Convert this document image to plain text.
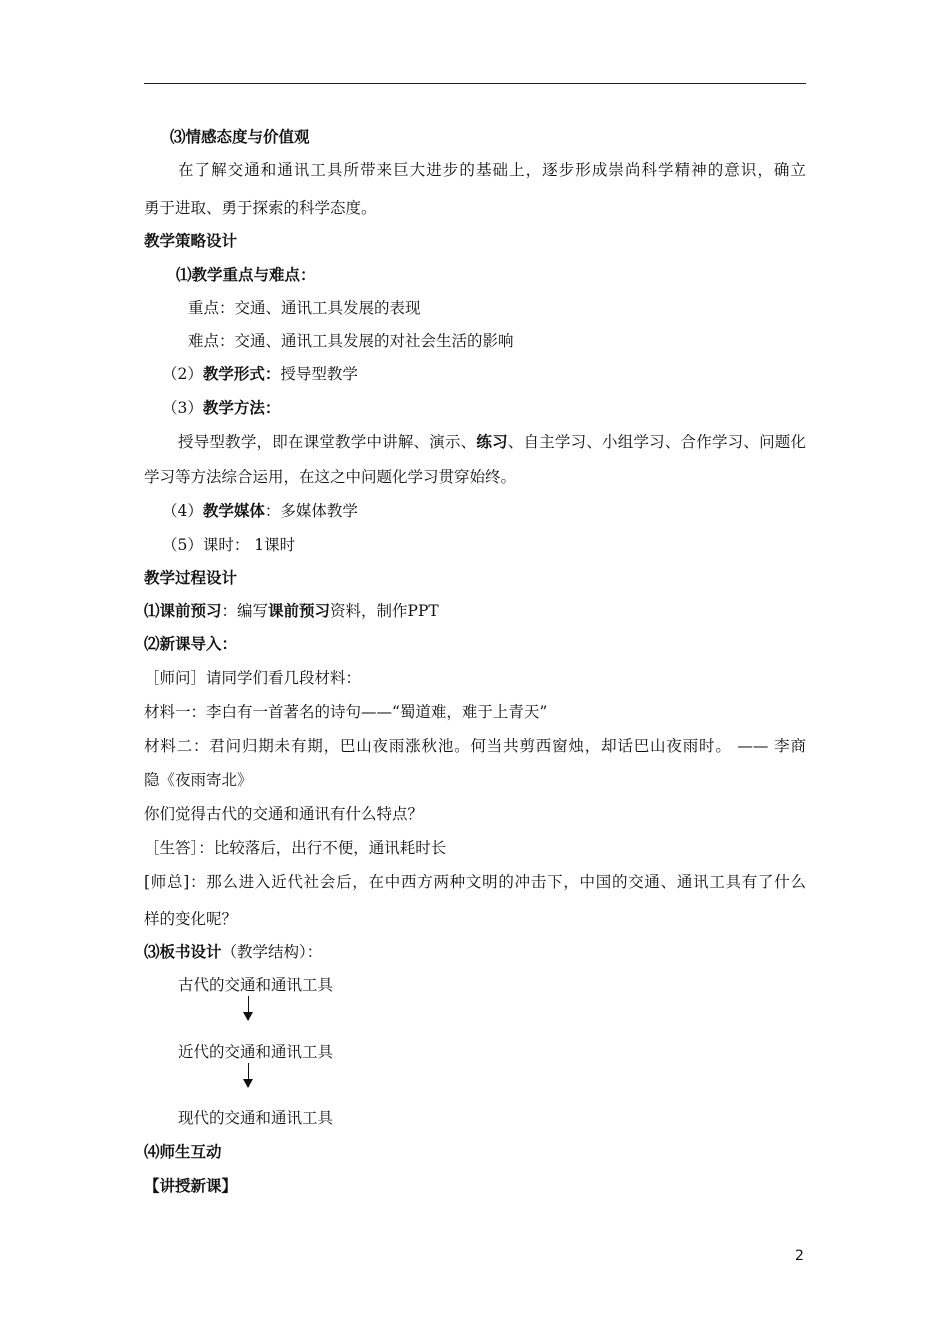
⑶情感态度与价值观
在了解交通和通讯工具所带来巨大进步的基础上，逐步形成崇尚科学精神的意识，确立
勇于进取、勇于探索的科学态度。
教学策略设计
⑴教学重点与难点：
重点：交通、通讯工具发展的表现
难点：交通、通讯工具发展的对社会生活的影响
（2）教学形式：授导型教学
（3）教学方法：
授导型教学，即在课堂教学中讲解、演示、练习、自主学习、小组学习、合作学习、问题化
学习等方法综合运用，在这之中问题化学习贯穿始终。
（4）教学媒体：多媒体教学
（5）课时： 1课时
教学过程设计
⑴课前预习：编写课前预习资料，制作PPT
⑵新课导入：
［师问］请同学们看几段材料：
材料一：李白有一首著名的诗句——“蜀道难，难于上青天”
材料二：君问归期未有期，巴山夜雨涨秋池。何当共剪西窗烛，却话巴山夜雨时。 —— 李商
隐《夜雨寄北》
你们觉得古代的交通和通讯有什么特点？
［生答］：比较落后，出行不便，通讯耗时长
[师总]：那么进入近代社会后，在中西方两种文明的冲击下，中国的交通、通讯工具有了什么
样的变化呢？
⑶板书设计（教学结构）：
古代的交通和通讯工具
近代的交通和通讯工具
现代的交通和通讯工具
⑷师生互动
【讲授新课】
2
